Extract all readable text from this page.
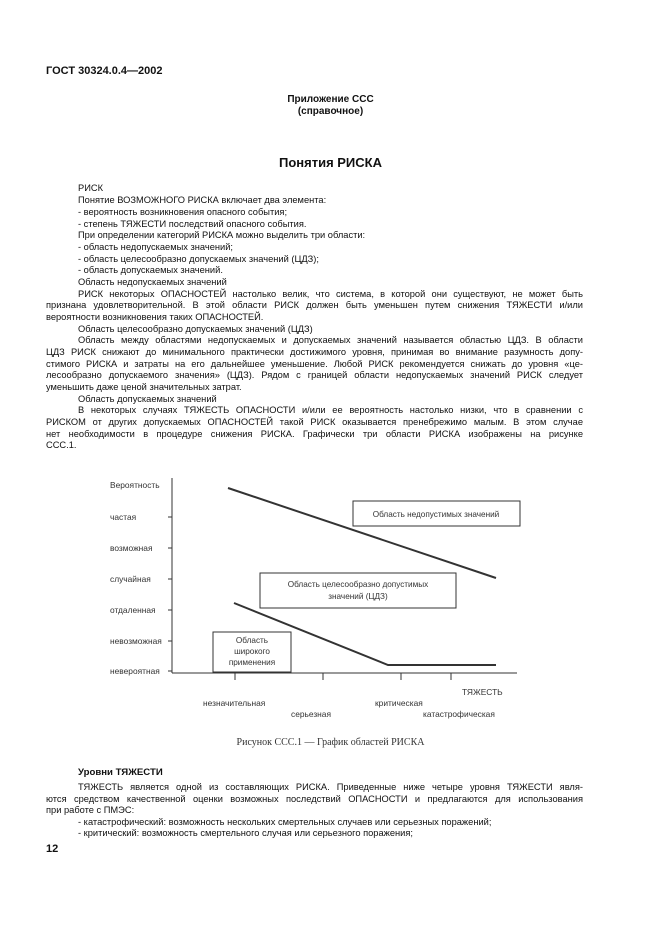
ГОСТ 30324.0.4—2002
Приложение ССС
(справочное)
Понятия РИСКА
РИСК
Понятие ВОЗМОЖНОГО РИСКА включает два элемента:
- вероятность возникновения опасного события;
- степень ТЯЖЕСТИ последствий опасного события.
При определении категорий РИСКА можно выделить три области:
- область недопускаемых значений;
- область целесообразно допускаемых значений (ЦДЗ);
- область допускаемых значений.
Область недопускаемых значений
РИСК некоторых ОПАСНОСТЕЙ настолько велик, что система, в которой они существуют, не может быть
признана удовлетворительной. В этой области РИСК должен быть уменьшен путем снижения ТЯЖЕСТИ и/или
вероятности возникновения таких ОПАСНОСТЕЙ.
Область целесообразно допускаемых значений (ЦДЗ)
Область между областями недопускаемых и допускаемых значений называется областью ЦДЗ. В области
ЦДЗ РИСК снижают до минимального практически достижимого уровня, принимая во внимание разумность допу-
стимого РИСКА и затраты на его дальнейшее уменьшение. Любой РИСК рекомендуется снижать до уровня «це-
лесообразно допускаемого значения» (ЦДЗ). Рядом с границей области недопускаемых значений РИСК следует
уменьшить даже ценой значительных затрат.
Область допускаемых значений
В некоторых случаях ТЯЖЕСТЬ ОПАСНОСТИ и/или ее вероятность настолько низки, что в сравнении с
РИСКОМ от других допускаемых ОПАСНОСТЕЙ такой РИСК оказывается пренебрежимо малым. В этом случае
нет необходимости в процедуре снижения РИСКА. Графически три области РИСКА изображены на рисунке
ССС.1.
Вероятность
частая
возможная
случайная
отдаленная
невозможная
невероятная
ТЯЖЕСТЬ
незначительная
серьезная
критическая
катастрофическая
Область недопустимых значений
Область целесообразно допустимых
значений (ЦДЗ)
Область
широкого
применения
Рисунок ССС.1 — График областей РИСКА
Уровни ТЯЖЕСТИ
ТЯЖЕСТЬ является одной из составляющих РИСКА. Приведенные ниже четыре уровня ТЯЖЕСТИ явля-
ются средством качественной оценки возможных последствий ОПАСНОСТИ и предлагаются для использования
при работе с ПМЭС:
- катастрофический: возможность нескольких смертельных случаев или серьезных поражений;
- критический: возможность смертельного случая или серьезного поражения;
12
